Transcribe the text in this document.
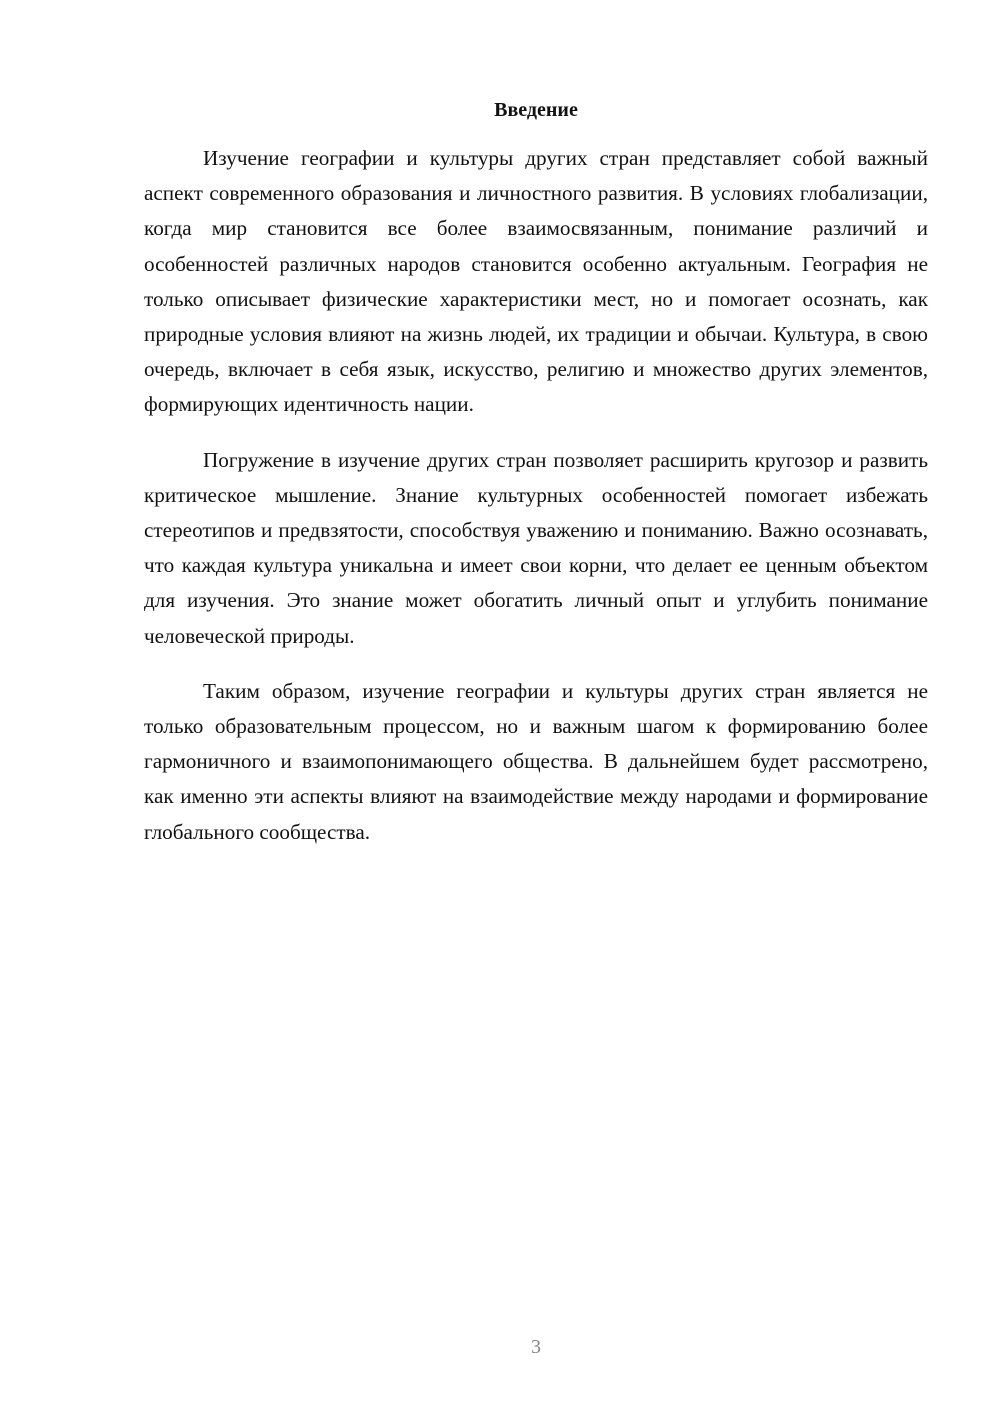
Введение

Изучение географии и культуры других стран представляет собой важный аспект современного образования и личностного развития. В условиях глобализации, когда мир становится все более взаимосвязанным, понимание различий и особенностей различных народов становится особенно актуальным. География не только описывает физические характеристики мест, но и помогает осознать, как природные условия влияют на жизнь людей, их традиции и обычаи. Культура, в свою очередь, включает в себя язык, искусство, религию и множество других элементов, формирующих идентичность нации.

Погружение в изучение других стран позволяет расширить кругозор и развить критическое мышление. Знание культурных особенностей помогает избежать стереотипов и предвзятости, способствуя уважению и пониманию. Важно осознавать, что каждая культура уникальна и имеет свои корни, что делает ее ценным объектом для изучения. Это знание может обогатить личный опыт и углубить понимание человеческой природы.

Таким образом, изучение географии и культуры других стран является не только образовательным процессом, но и важным шагом к формированию более гармоничного и взаимопонимающего общества. В дальнейшем будет рассмотрено, как именно эти аспекты влияют на взаимодействие между народами и формирование глобального сообщества.

3
